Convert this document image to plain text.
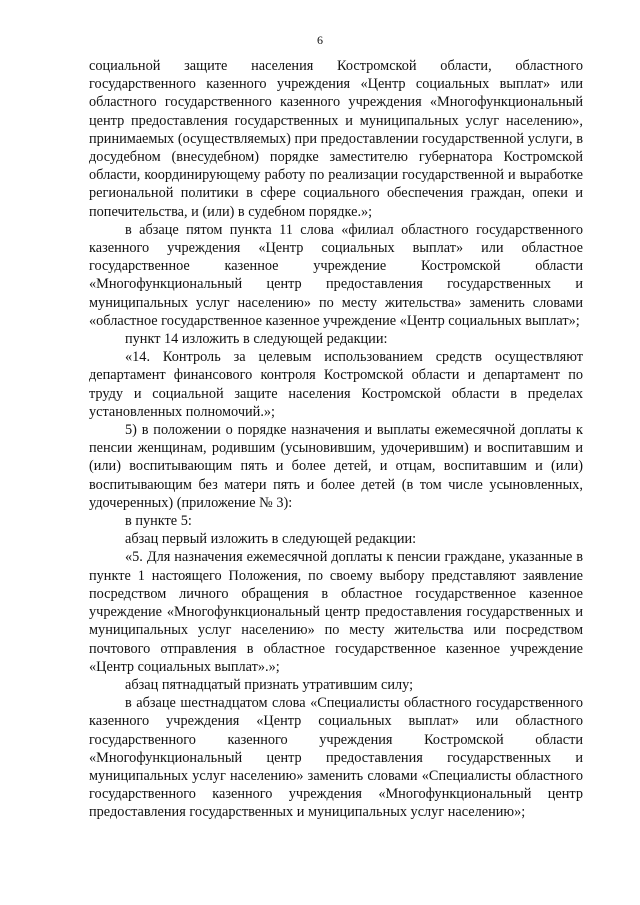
6

социальной защите населения Костромской области, областного государственного казенного учреждения «Центр социальных выплат» или областного государственного казенного учреждения «Многофункциональный центр предоставления государственных и муниципальных услуг населению», принимаемых (осуществляемых) при предоставлении государственной услуги, в досудебном (внесудебном) порядке заместителю губернатора Костромской области, координирующему работу по реализации государственной и выработке региональной политики в сфере социального обеспечения граждан, опеки и попечительства, и (или) в судебном порядке.»;

в абзаце пятом пункта 11 слова «филиал областного государственного казенного учреждения «Центр социальных выплат» или областное государственное казенное учреждение Костромской области «Многофункциональный центр предоставления государственных и муниципальных услуг населению» по месту жительства» заменить словами «областное государственное казенное учреждение «Центр социальных выплат»;

пункт 14 изложить в следующей редакции:

«14. Контроль за целевым использованием средств осуществляют департамент финансового контроля Костромской области и департамент по труду и социальной защите населения Костромской области в пределах установленных полномочий.»;

5) в положении о порядке назначения и выплаты ежемесячной доплаты к пенсии женщинам, родившим (усыновившим, удочерившим) и воспитавшим и (или) воспитывающим пять и более детей, и отцам, воспитавшим и (или) воспитывающим без матери пять и более детей (в том числе усыновленных, удочеренных) (приложение № 3):

в пункте 5:

абзац первый изложить в следующей редакции:

«5. Для назначения ежемесячной доплаты к пенсии граждане, указанные в пункте 1 настоящего Положения, по своему выбору представляют заявление посредством личного обращения в областное государственное казенное учреждение «Многофункциональный центр предоставления государственных и муниципальных услуг населению» по месту жительства или посредством почтового отправления в областное государственное казенное учреждение «Центр социальных выплат».»;

абзац пятнадцатый признать утратившим силу;

в абзаце шестнадцатом слова «Специалисты областного государственного казенного учреждения «Центр социальных выплат» или областного государственного казенного учреждения Костромской области «Многофункциональный центр предоставления государственных и муниципальных услуг населению» заменить словами «Специалисты областного государственного казенного учреждения «Многофункциональный центр предоставления государственных и муниципальных услуг населению»;
